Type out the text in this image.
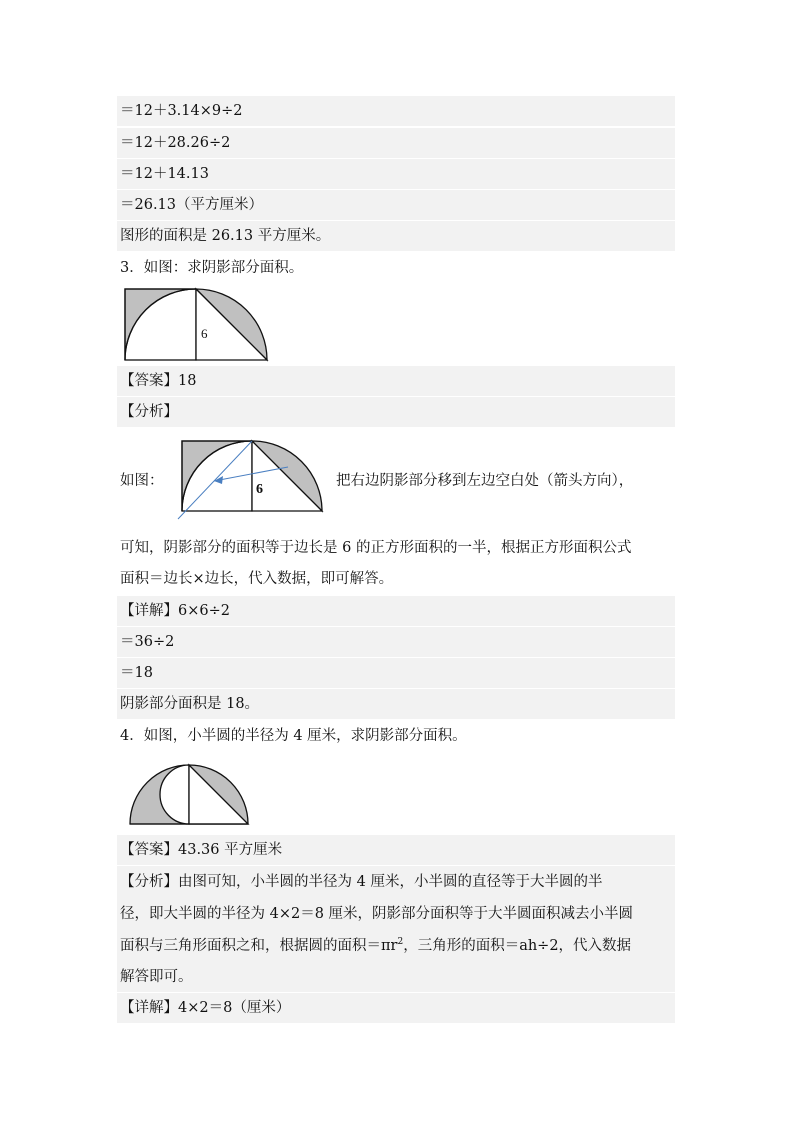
＝12＋3.14×9÷2
＝12＋28.26÷2
＝12＋14.13
＝26.13（平方厘米）
图形的面积是 26.13 平方厘米。
3．如图：求阴影部分面积。
6
【答案】18
【分析】
如图：
6
把右边阴影部分移到左边空白处（箭头方向），
可知，阴影部分的面积等于边长是 6 的正方形面积的一半，根据正方形面积公式
面积＝边长×边长，代入数据，即可解答。
【详解】6×6÷2
＝36÷2
＝18
阴影部分面积是 18。
4．如图，小半圆的半径为 4 厘米，求阴影部分面积。
【答案】43.36 平方厘米
【分析】由图可知，小半圆的半径为 4 厘米，小半圆的直径等于大半圆的半
径，即大半圆的半径为 4×2＝8 厘米，阴影部分面积等于大半圆面积减去小半圆
面积与三角形面积之和，根据圆的面积$=\pi r^2$，三角形的面积＝ah÷2，代入数据
解答即可。
【详解】4×2＝8（厘米）
